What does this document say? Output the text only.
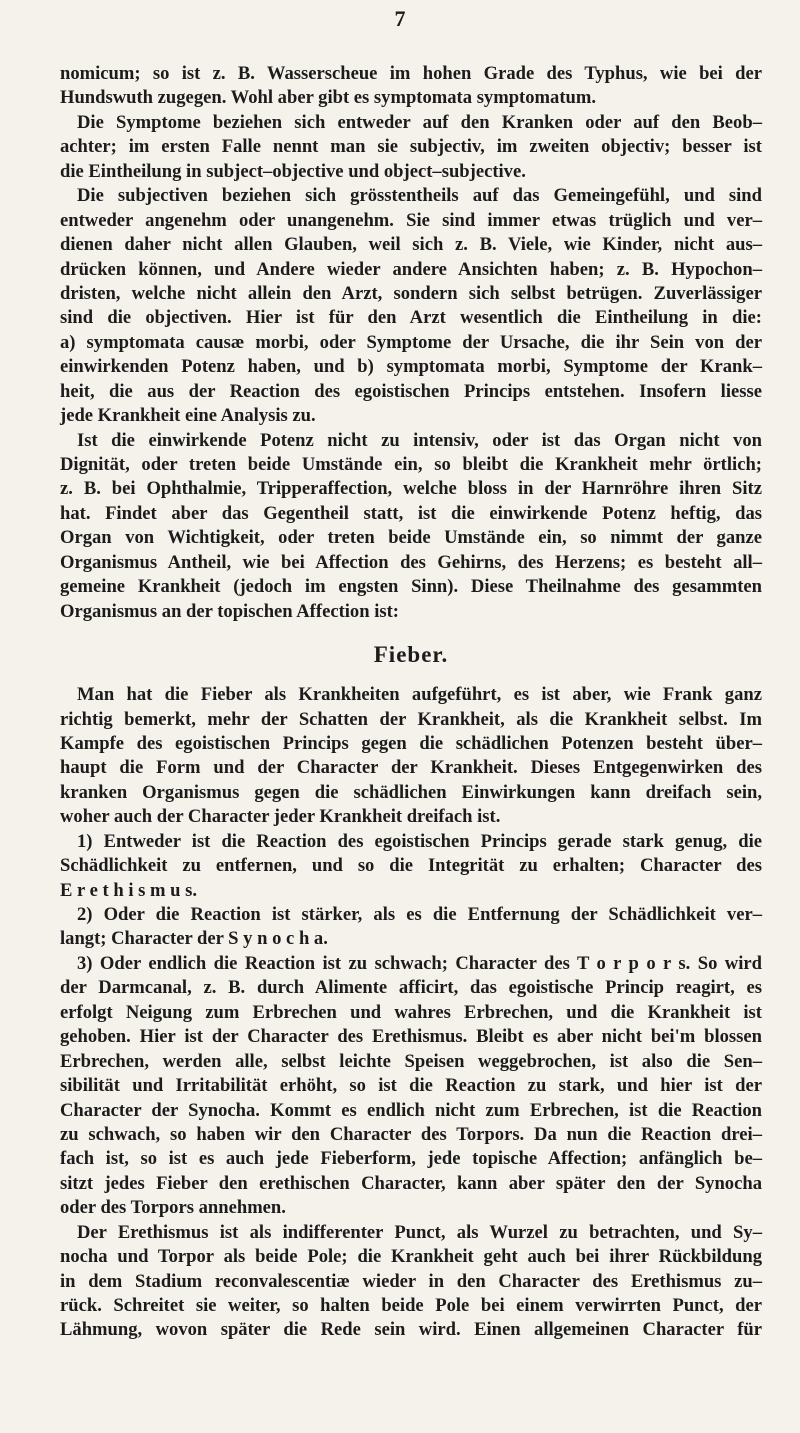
7
nomicum; so ist z. B. Wasserscheue im hohen Grade des Typhus, wie bei der
Hundswuth zugegen. Wohl aber gibt es symptomata symptomatum.
Die Symptome beziehen sich entweder auf den Kranken oder auf den Beob–
achter; im ersten Falle nennt man sie subjectiv, im zweiten objectiv; besser ist
die Eintheilung in subject–objective und object–subjective.
Die subjectiven beziehen sich grösstentheils auf das Gemeingefühl, und sind
entweder angenehm oder unangenehm. Sie sind immer etwas trüglich und ver–
dienen daher nicht allen Glauben, weil sich z. B. Viele, wie Kinder, nicht aus–
drücken können, und Andere wieder andere Ansichten haben; z. B. Hypochon–
dristen, welche nicht allein den Arzt, sondern sich selbst betrügen. Zuverlässiger
sind die objectiven. Hier ist für den Arzt wesentlich die Eintheilung in die:
a) symptomata causæ morbi, oder Symptome der Ursache, die ihr Sein von der
einwirkenden Potenz haben, und b) symptomata morbi, Symptome der Krank–
heit, die aus der Reaction des egoistischen Princips entstehen. Insofern liesse
jede Krankheit eine Analysis zu.
Ist die einwirkende Potenz nicht zu intensiv, oder ist das Organ nicht von
Dignität, oder treten beide Umstände ein, so bleibt die Krankheit mehr örtlich;
z. B. bei Ophthalmie, Tripperaffection, welche bloss in der Harnröhre ihren Sitz
hat. Findet aber das Gegentheil statt, ist die einwirkende Potenz heftig, das
Organ von Wichtigkeit, oder treten beide Umstände ein, so nimmt der ganze
Organismus Antheil, wie bei Affection des Gehirns, des Herzens; es besteht all–
gemeine Krankheit (jedoch im engsten Sinn). Diese Theilnahme des gesammten
Organismus an der topischen Affection ist:
Fieber.
Man hat die Fieber als Krankheiten aufgeführt, es ist aber, wie Frank ganz
richtig bemerkt, mehr der Schatten der Krankheit, als die Krankheit selbst. Im
Kampfe des egoistischen Princips gegen die schädlichen Potenzen besteht über–
haupt die Form und der Character der Krankheit. Dieses Entgegenwirken des
kranken Organismus gegen die schädlichen Einwirkungen kann dreifach sein,
woher auch der Character jeder Krankheit dreifach ist.
1) Entweder ist die Reaction des egoistischen Princips gerade stark genug, die
Schädlichkeit zu entfernen, und so die Integrität zu erhalten; Character des
E r e t h i s m u s.
2) Oder die Reaction ist stärker, als es die Entfernung der Schädlichkeit ver–
langt; Character der S y n o c h a.
3) Oder endlich die Reaction ist zu schwach; Character des T o r p o r s. So wird
der Darmcanal, z. B. durch Alimente afficirt, das egoistische Princip reagirt, es
erfolgt Neigung zum Erbrechen und wahres Erbrechen, und die Krankheit ist
gehoben. Hier ist der Character des Erethismus. Bleibt es aber nicht bei'm blossen
Erbrechen, werden alle, selbst leichte Speisen weggebrochen, ist also die Sen–
sibilität und Irritabilität erhöht, so ist die Reaction zu stark, und hier ist der
Character der Synocha. Kommt es endlich nicht zum Erbrechen, ist die Reaction
zu schwach, so haben wir den Character des Torpors. Da nun die Reaction drei–
fach ist, so ist es auch jede Fieberform, jede topische Affection; anfänglich be–
sitzt jedes Fieber den erethischen Character, kann aber später den der Synocha
oder des Torpors annehmen.
Der Erethismus ist als indifferenter Punct, als Wurzel zu betrachten, und Sy–
nocha und Torpor als beide Pole; die Krankheit geht auch bei ihrer Rückbildung
in dem Stadium reconvalescentiæ wieder in den Character des Erethismus zu–
rück. Schreitet sie weiter, so halten beide Pole bei einem verwirrten Punct, der
Lähmung, wovon später die Rede sein wird. Einen allgemeinen Character für
